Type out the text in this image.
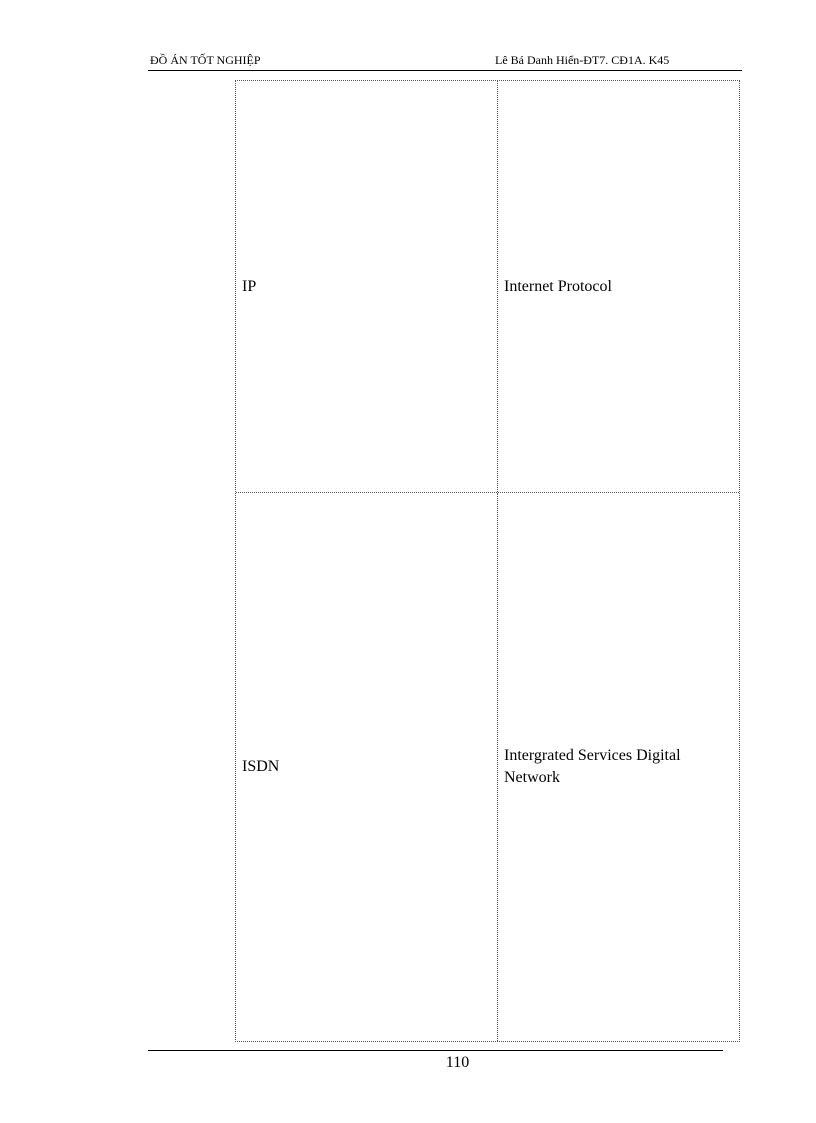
ĐỒ ÁN TỐT NGHIỆP	Lê Bá Danh Hiển-ĐT7. CĐ1A. K45
IP	Internet Protocol
ISDN
Intergrated Services Digital Network
110
